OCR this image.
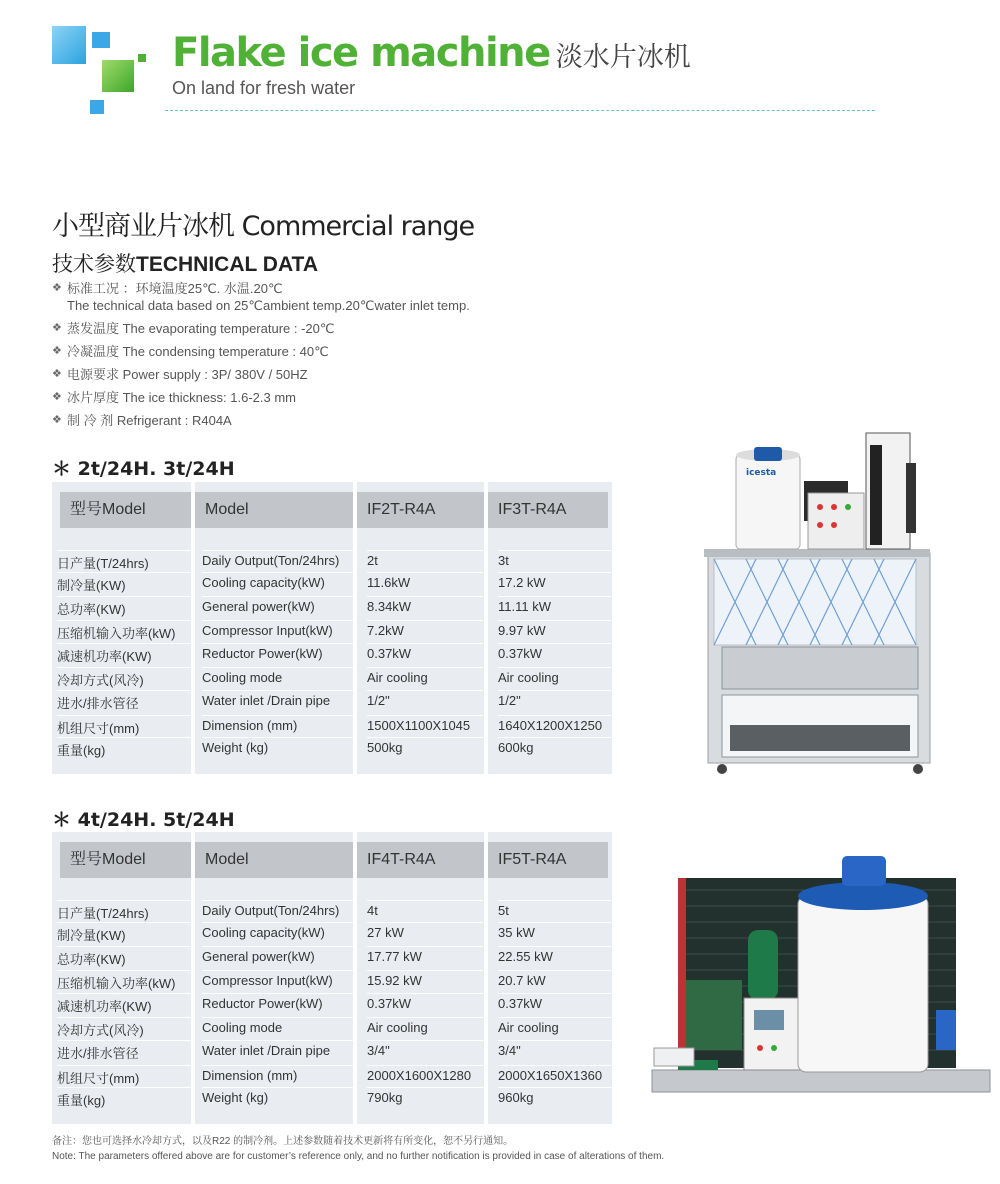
Flake ice machine 淡水片冰机
On land for fresh water
小型商业片冰机 Commercial range
技术参数TECHNICAL DATA
❖ 标准工况 ：环境温度25℃. 水温.20℃
The technical data based on 25℃ambient temp.20℃water inlet temp.
❖ 蒸发温度 The evaporating temperature : -20℃
❖ 冷凝温度 The condensing temperature : 40℃
❖ 电源要求 Power supply : 3P/ 380V / 50HZ
❖ 冰片厚度 The ice thickness: 1.6-2.3 mm
❖ 制 冷 剂 Refrigerant : R404A
＊ 2t/24H. 3t/24H
型号Model
日产量(T/24hrs)
制冷量(KW)
总功率(KW)
压缩机输入功率(kW)
减速机功率(KW)
冷却方式(风冷)
进水/排水管径
机组尺寸(mm)
重量(kg)
Model
Daily Output(Ton/24hrs)
Cooling capacity(kW)
General power(kW)
Compressor Input(kW)
Reductor Power(kW)
Cooling mode
Water inlet /Drain pipe
Dimension (mm)
Weight (kg)
IF2T-R4A
2t
11.6kW
8.34kW
7.2kW
0.37kW
Air cooling
1/2"
1500X1100X1045
500kg
IF3T-R4A
3t
17.2 kW
11.11 kW
9.97 kW
0.37kW
Air cooling
1/2"
1640X1200X1250
600kg
＊ 4t/24H. 5t/24H
型号Model
日产量(T/24hrs)
制冷量(KW)
总功率(KW)
压缩机输入功率(kW)
减速机功率(KW)
冷却方式(风冷)
进水/排水管径
机组尺寸(mm)
重量(kg)
Model
Daily Output(Ton/24hrs)
Cooling capacity(kW)
General power(kW)
Compressor Input(kW)
Reductor Power(kW)
Cooling mode
Water inlet /Drain pipe
Dimension (mm)
Weight (kg)
IF4T-R4A
4t
27 kW
17.77 kW
15.92 kW
0.37kW
Air cooling
3/4"
2000X1600X1280
790kg
IF5T-R4A
5t
35 kW
22.55 kW
20.7 kW
0.37kW
Air cooling
3/4"
2000X1650X1360
960kg
icesta
备注：您也可选择水冷却方式，以及R22 的制冷剂。上述参数随着技术更新将有所变化，恕不另行通知。
Note: The parameters offered above are for customer’s reference only, and no further notification is provided in case of alterations of them.
